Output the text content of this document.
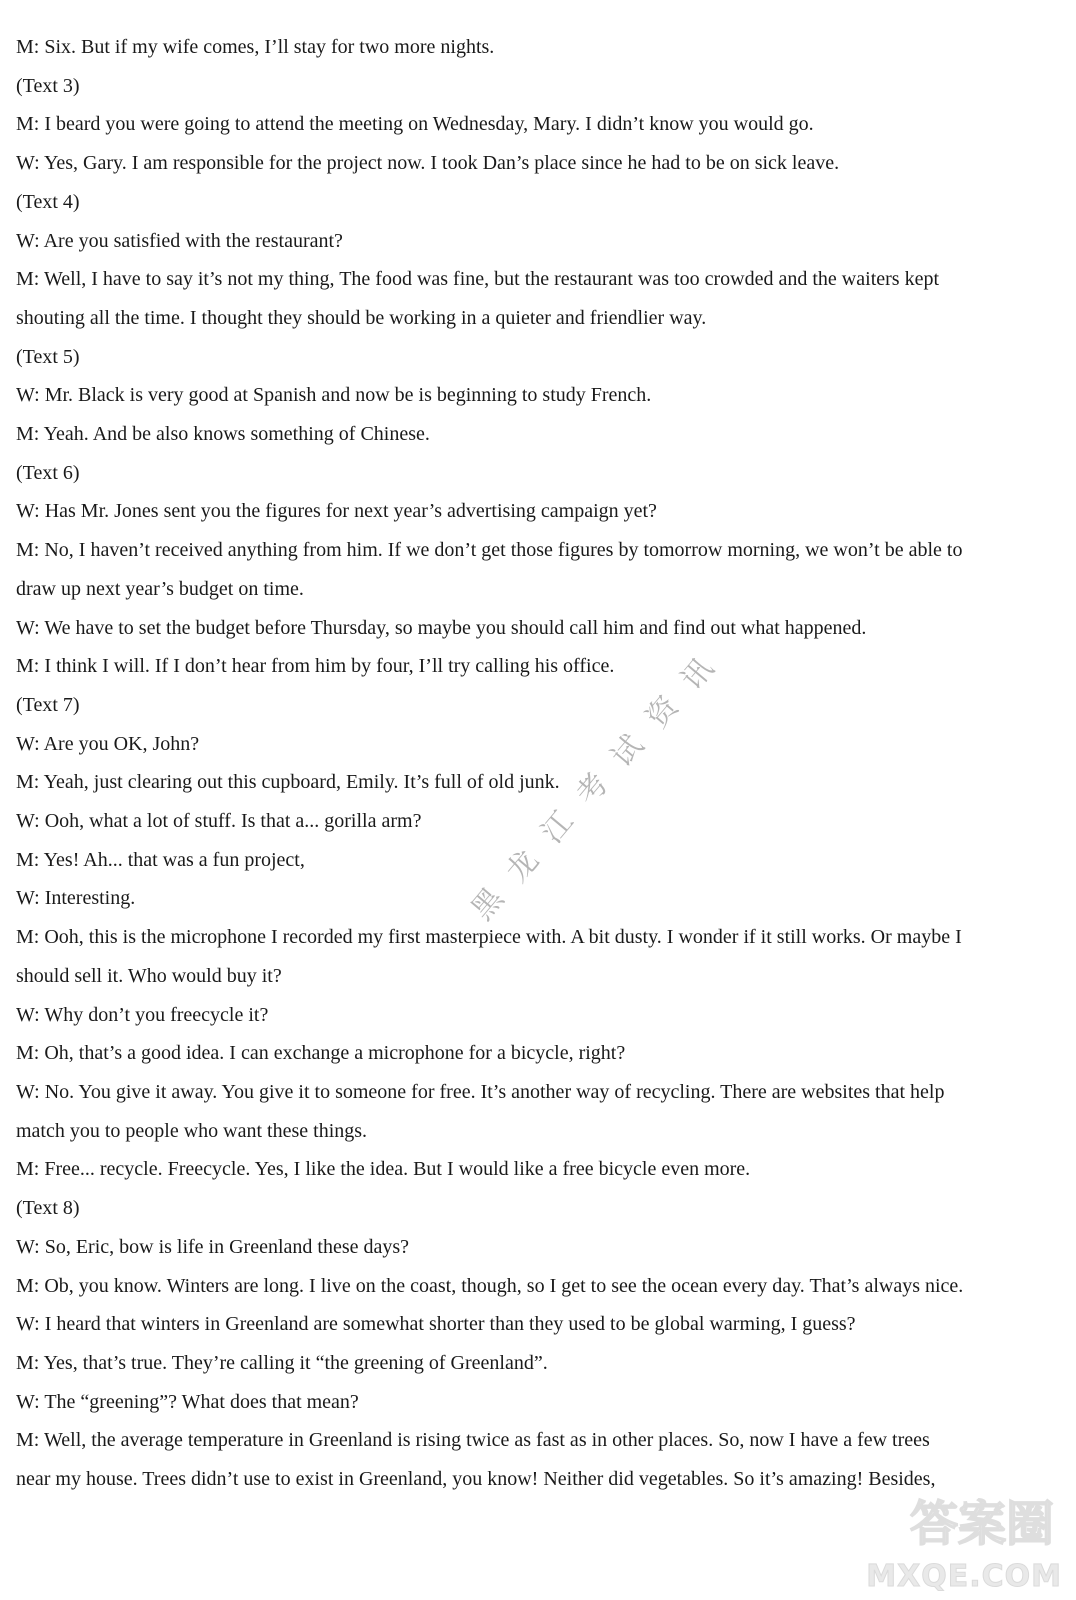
M: Six. But if my wife comes, I’ll stay for two more nights.

(Text 3)

M: I beard you were going to attend the meeting on Wednesday, Mary. I didn’t know you would go.

W: Yes, Gary. I am responsible for the project now. I took Dan’s place since he had to be on sick leave.

(Text 4)

W: Are you satisfied with the restaurant?

M: Well, I have to say it’s not my thing, The food was fine, but the restaurant was too crowded and the waiters kept

shouting all the time. I thought they should be working in a quieter and friendlier way.

(Text 5)

W: Mr. Black is very good at Spanish and now be is beginning to study French.

M: Yeah. And be also knows something of Chinese.

(Text 6)

W: Has Mr. Jones sent you the figures for next year’s advertising campaign yet?

M: No, I haven’t received anything from him. If we don’t get those figures by tomorrow morning, we won’t be able to

draw up next year’s budget on time.

W: We have to set the budget before Thursday, so maybe you should call him and find out what happened.

M: I think I will. If I don’t hear from him by four, I’ll try calling his office.

(Text 7)

W: Are you OK, John?

M: Yeah, just clearing out this cupboard, Emily. It’s full of old junk.

W: Ooh, what a lot of stuff. Is that a... gorilla arm?

M: Yes! Ah... that was a fun project,

W: Interesting.

M: Ooh, this is the microphone I recorded my first masterpiece with. A bit dusty. I wonder if it still works. Or maybe I

should sell it. Who would buy it?

W: Why don’t you freecycle it?

M: Oh, that’s a good idea. I can exchange a microphone for a bicycle, right?

W: No. You give it away. You give it to someone for free. It’s another way of recycling. There are websites that help

match you to people who want these things.

M: Free... recycle. Freecycle. Yes, I like the idea. But I would like a free bicycle even more.

(Text 8)

W: So, Eric, bow is life in Greenland these days?

M: Ob, you know. Winters are long. I live on the coast, though, so I get to see the ocean every day. That’s always nice.

W: I heard that winters in Greenland are somewhat shorter than they used to be global warming, I guess?

M: Yes, that’s true. They’re calling it “the greening of Greenland”.

W: The “greening”? What does that mean?

M: Well, the average temperature in Greenland is rising twice as fast as in other places. So, now I have a few trees

near my house. Trees didn’t use to exist in Greenland, you know! Neither did vegetables. So it’s amazing! Besides,

黑
龙
江
考
试
资
讯
答案圈
MXQE.COM
